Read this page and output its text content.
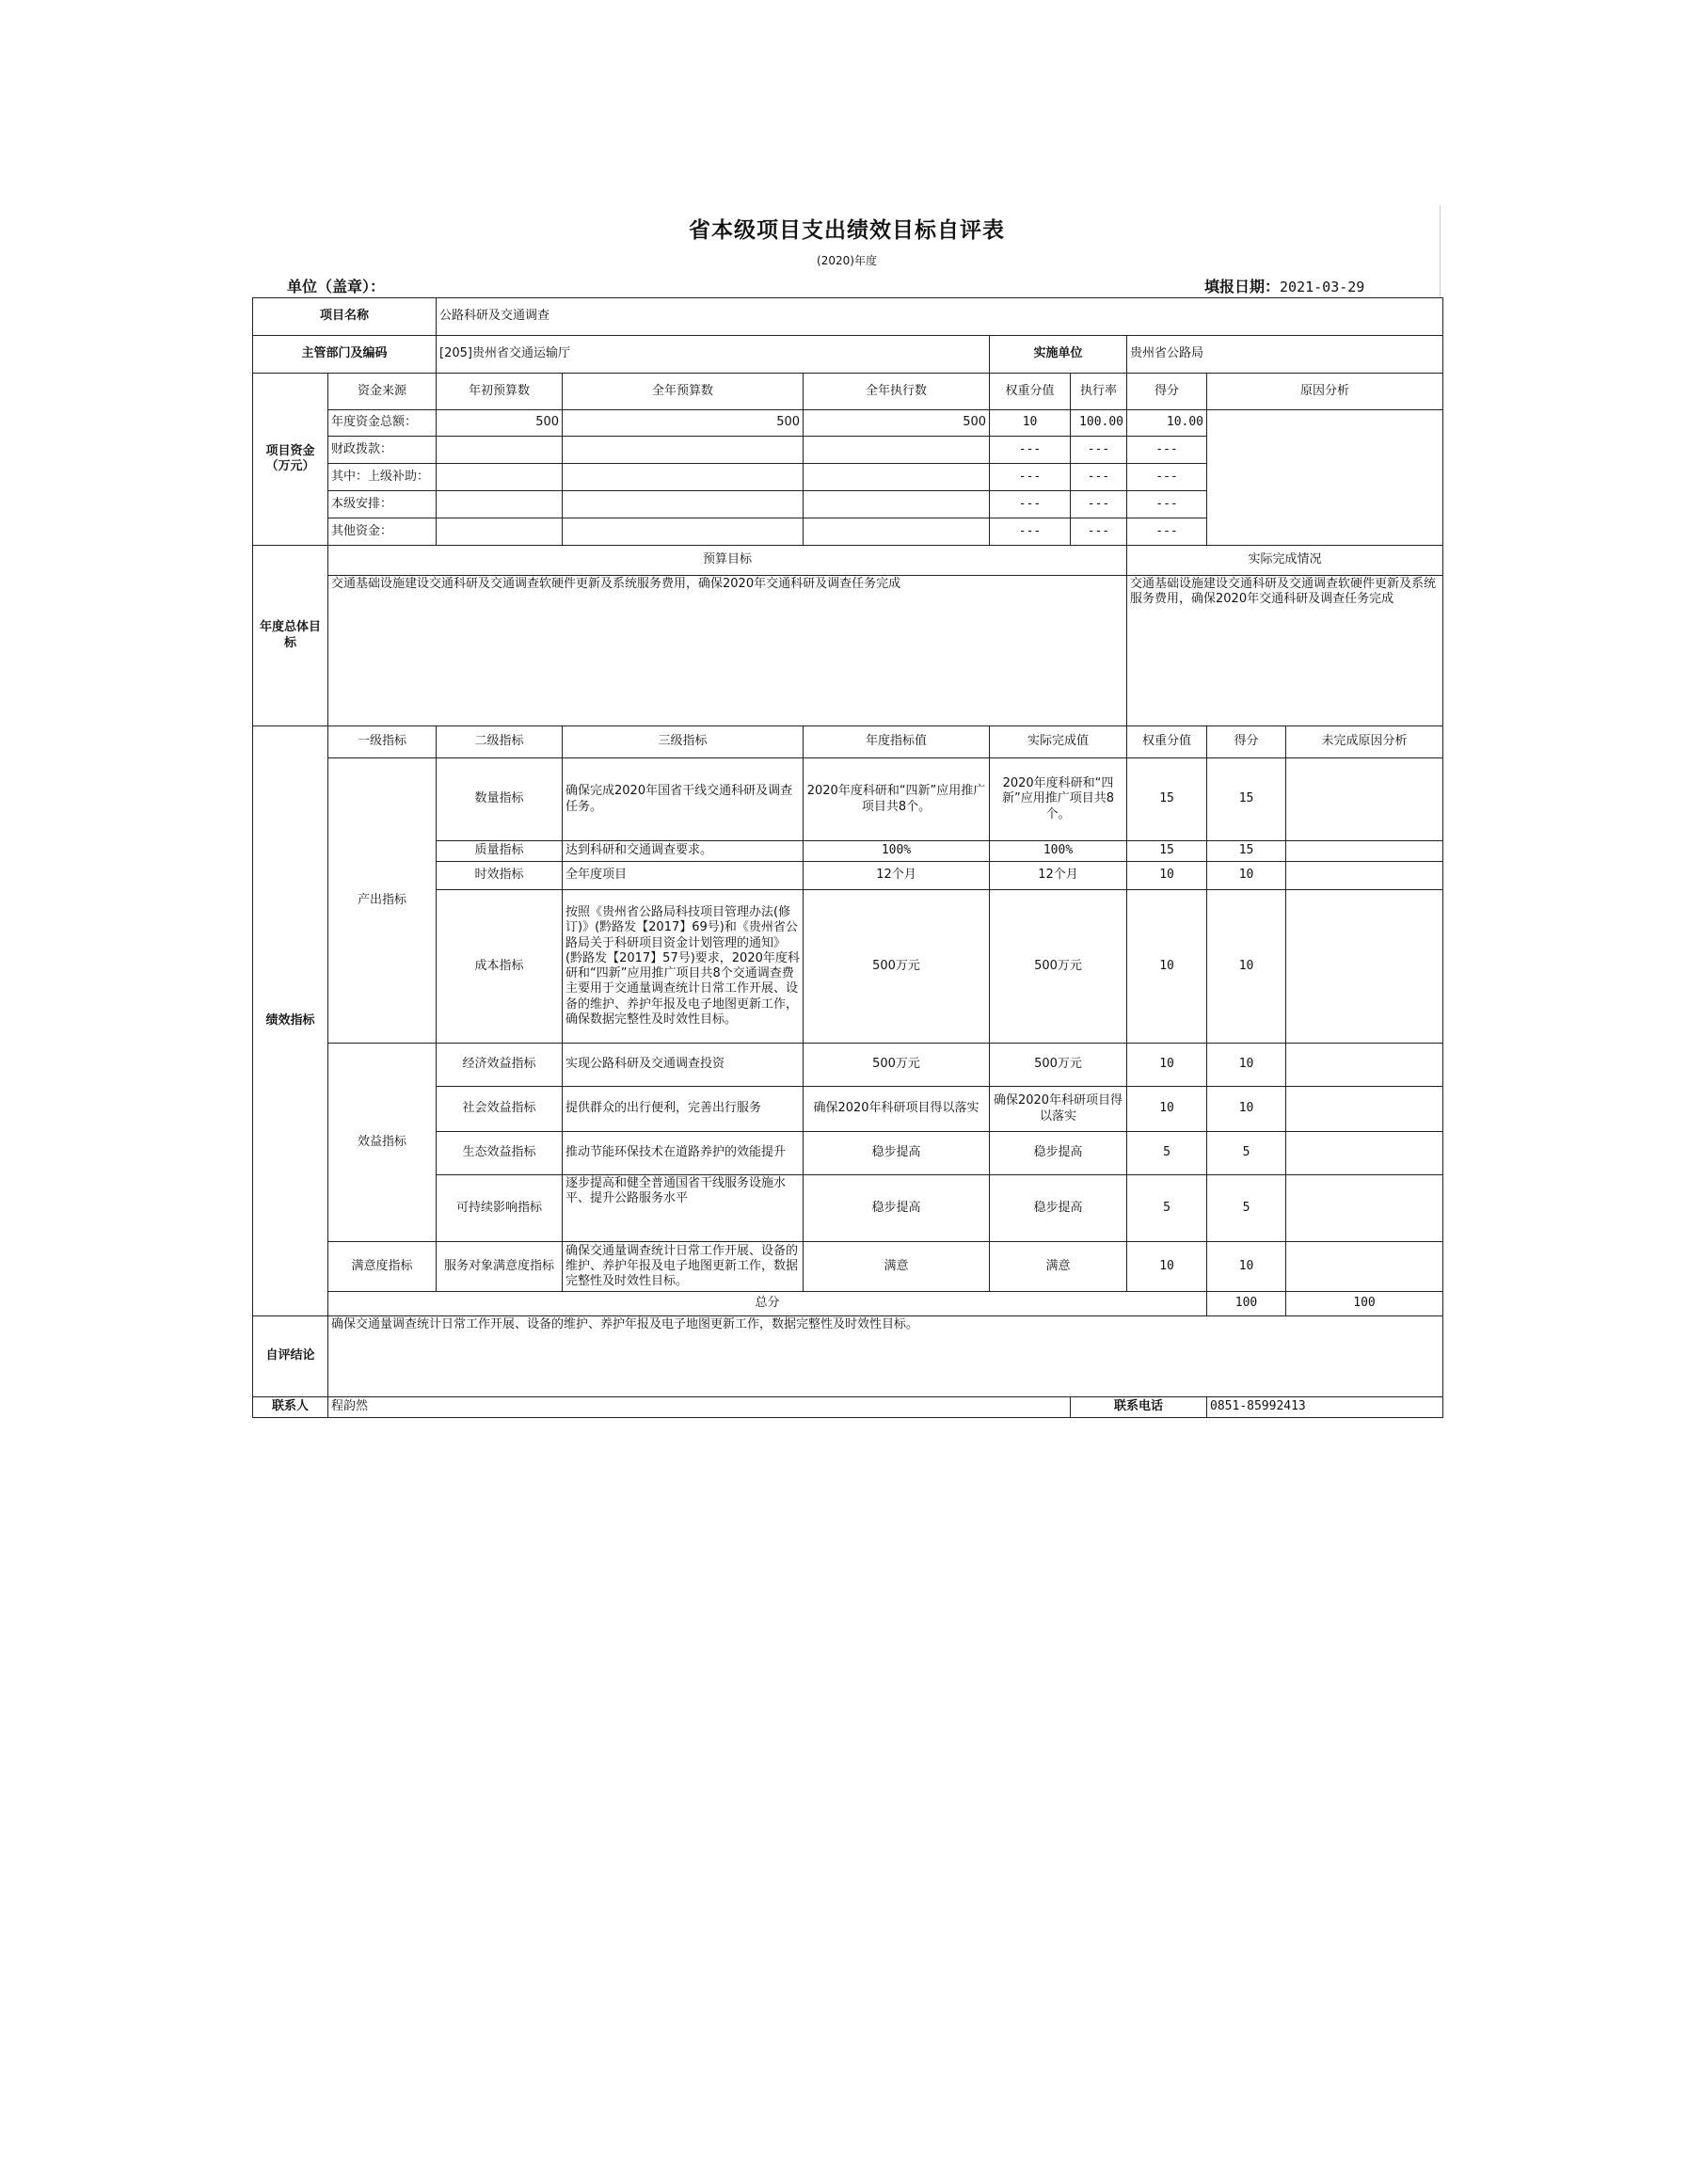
省本级项目支出绩效目标自评表
(2020)年度
单位（盖章）：	填报日期：2021-03-29
项目名称		公路科研及交通调查								
主管部门及编码		[205]贵州省交通运输厅			实施单位		贵州省公路局			
项目资金（万元）	资金来源	年初预算数	全年预算数	全年执行数	权重分值	执行率	得分	原因分析		
	年度资金总额：	500	500	500	10	100.00	10.00			
	财政拨款：				---	---	---			
	其中：上级补助：				---	---	---			
	本级安排：				---	---	---			
	其他资金：				---	---	---			
年度总体目标	预算目标						实际完成情况			
	交通基础设施建设交通科研及交通调查软硬件更新及系统服务费用，确保2020年交通科研及调查任务完成						交通基础设施建设交通科研及交通调查软硬件更新及系统服务费用，确保2020年交通科研及调查任务完成			
绩效指标	一级指标	二级指标	三级指标	年度指标值	实际完成值		权重分值	得分	未完成原因分析	
	产出指标	数量指标	确保完成2020年国省干线交通科研及调查任务。	2020年度科研和“四新”应用推广项目共8个。	2020年度科研和“四新”应用推广项目共8个。		15	15		
		质量指标	达到科研和交通调查要求。	100%	100%		15	15		
		时效指标	全年度项目	12个月	12个月		10	10		
		成本指标	按照《贵州省公路局科技项目管理办法(修订)》(黔路发【2017】69号)和《贵州省公路局关于科研项目资金计划管理的通知》(黔路发【2017】57号)要求，2020年度科研和“四新”应用推广项目共8个交通调查费主要用于交通量调查统计日常工作开展、设备的维护、养护年报及电子地图更新工作，确保数据完整性及时效性目标。	500万元	500万元		10	10		
	效益指标	经济效益指标	实现公路科研及交通调查投资	500万元	500万元		10	10		
		社会效益指标	提供群众的出行便利，完善出行服务	确保2020年科研项目得以落实	确保2020年科研项目得以落实		10	10		
		生态效益指标	推动节能环保技术在道路养护的效能提升	稳步提高	稳步提高		5	5		
		可持续影响指标	逐步提高和健全普通国省干线服务设施水平、提升公路服务水平	稳步提高	稳步提高		5	5		
	满意度指标	服务对象满意度指标	确保交通量调查统计日常工作开展、设备的维护、养护年报及电子地图更新工作，数据完整性及时效性目标。	满意	满意		10	10		
	总分							100	100	
自评结论	确保交通量调查统计日常工作开展、设备的维护、养护年报及电子地图更新工作，数据完整性及时效性目标。									
联系人	程韵然					联系电话		0851-85992413		
